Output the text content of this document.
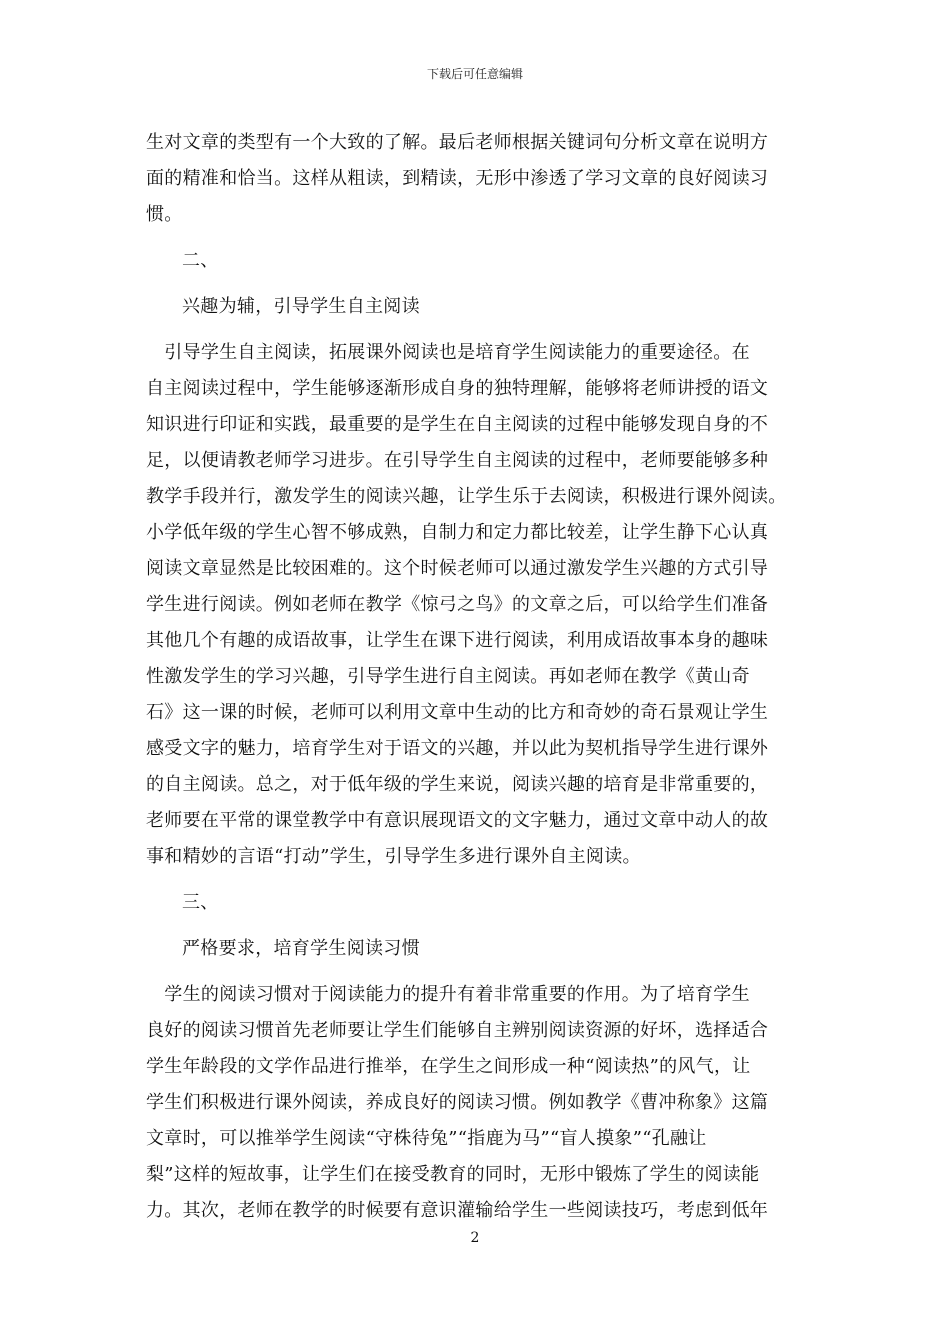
下载后可任意编辑
生对文章的类型有一个大致的了解。最后老师根据关键词句分析文章在说明方
面的精准和恰当。这样从粗读，到精读，无形中渗透了学习文章的良好阅读习
惯。
二、
兴趣为辅，引导学生自主阅读
　引导学生自主阅读，拓展课外阅读也是培育学生阅读能力的重要途径。在
自主阅读过程中，学生能够逐渐形成自身的独特理解，能够将老师讲授的语文
知识进行印证和实践，最重要的是学生在自主阅读的过程中能够发现自身的不
足，以便请教老师学习进步。在引导学生自主阅读的过程中，老师要能够多种
教学手段并行，激发学生的阅读兴趣，让学生乐于去阅读，积极进行课外阅读。
小学低年级的学生心智不够成熟，自制力和定力都比较差，让学生静下心认真
阅读文章显然是比较困难的。这个时候老师可以通过激发学生兴趣的方式引导
学生进行阅读。例如老师在教学《惊弓之鸟》的文章之后，可以给学生们准备
其他几个有趣的成语故事，让学生在课下进行阅读，利用成语故事本身的趣味
性激发学生的学习兴趣，引导学生进行自主阅读。再如老师在教学《黄山奇
石》这一课的时候，老师可以利用文章中生动的比方和奇妙的奇石景观让学生
感受文字的魅力，培育学生对于语文的兴趣，并以此为契机指导学生进行课外
的自主阅读。总之，对于低年级的学生来说，阅读兴趣的培育是非常重要的，
老师要在平常的课堂教学中有意识展现语文的文字魅力，通过文章中动人的故
事和精妙的言语“打动”学生，引导学生多进行课外自主阅读。
三、
严格要求，培育学生阅读习惯
　学生的阅读习惯对于阅读能力的提升有着非常重要的作用。为了培育学生
良好的阅读习惯首先老师要让学生们能够自主辨别阅读资源的好坏，选择适合
学生年龄段的文学作品进行推举，在学生之间形成一种“阅读热”的风气，让
学生们积极进行课外阅读，养成良好的阅读习惯。例如教学《曹冲称象》这篇
文章时，可以推举学生阅读“守株待兔”“指鹿为马”“盲人摸象”“孔融让
梨”这样的短故事，让学生们在接受教育的同时，无形中锻炼了学生的阅读能
力。其次，老师在教学的时候要有意识灌输给学生一些阅读技巧，考虑到低年
2
